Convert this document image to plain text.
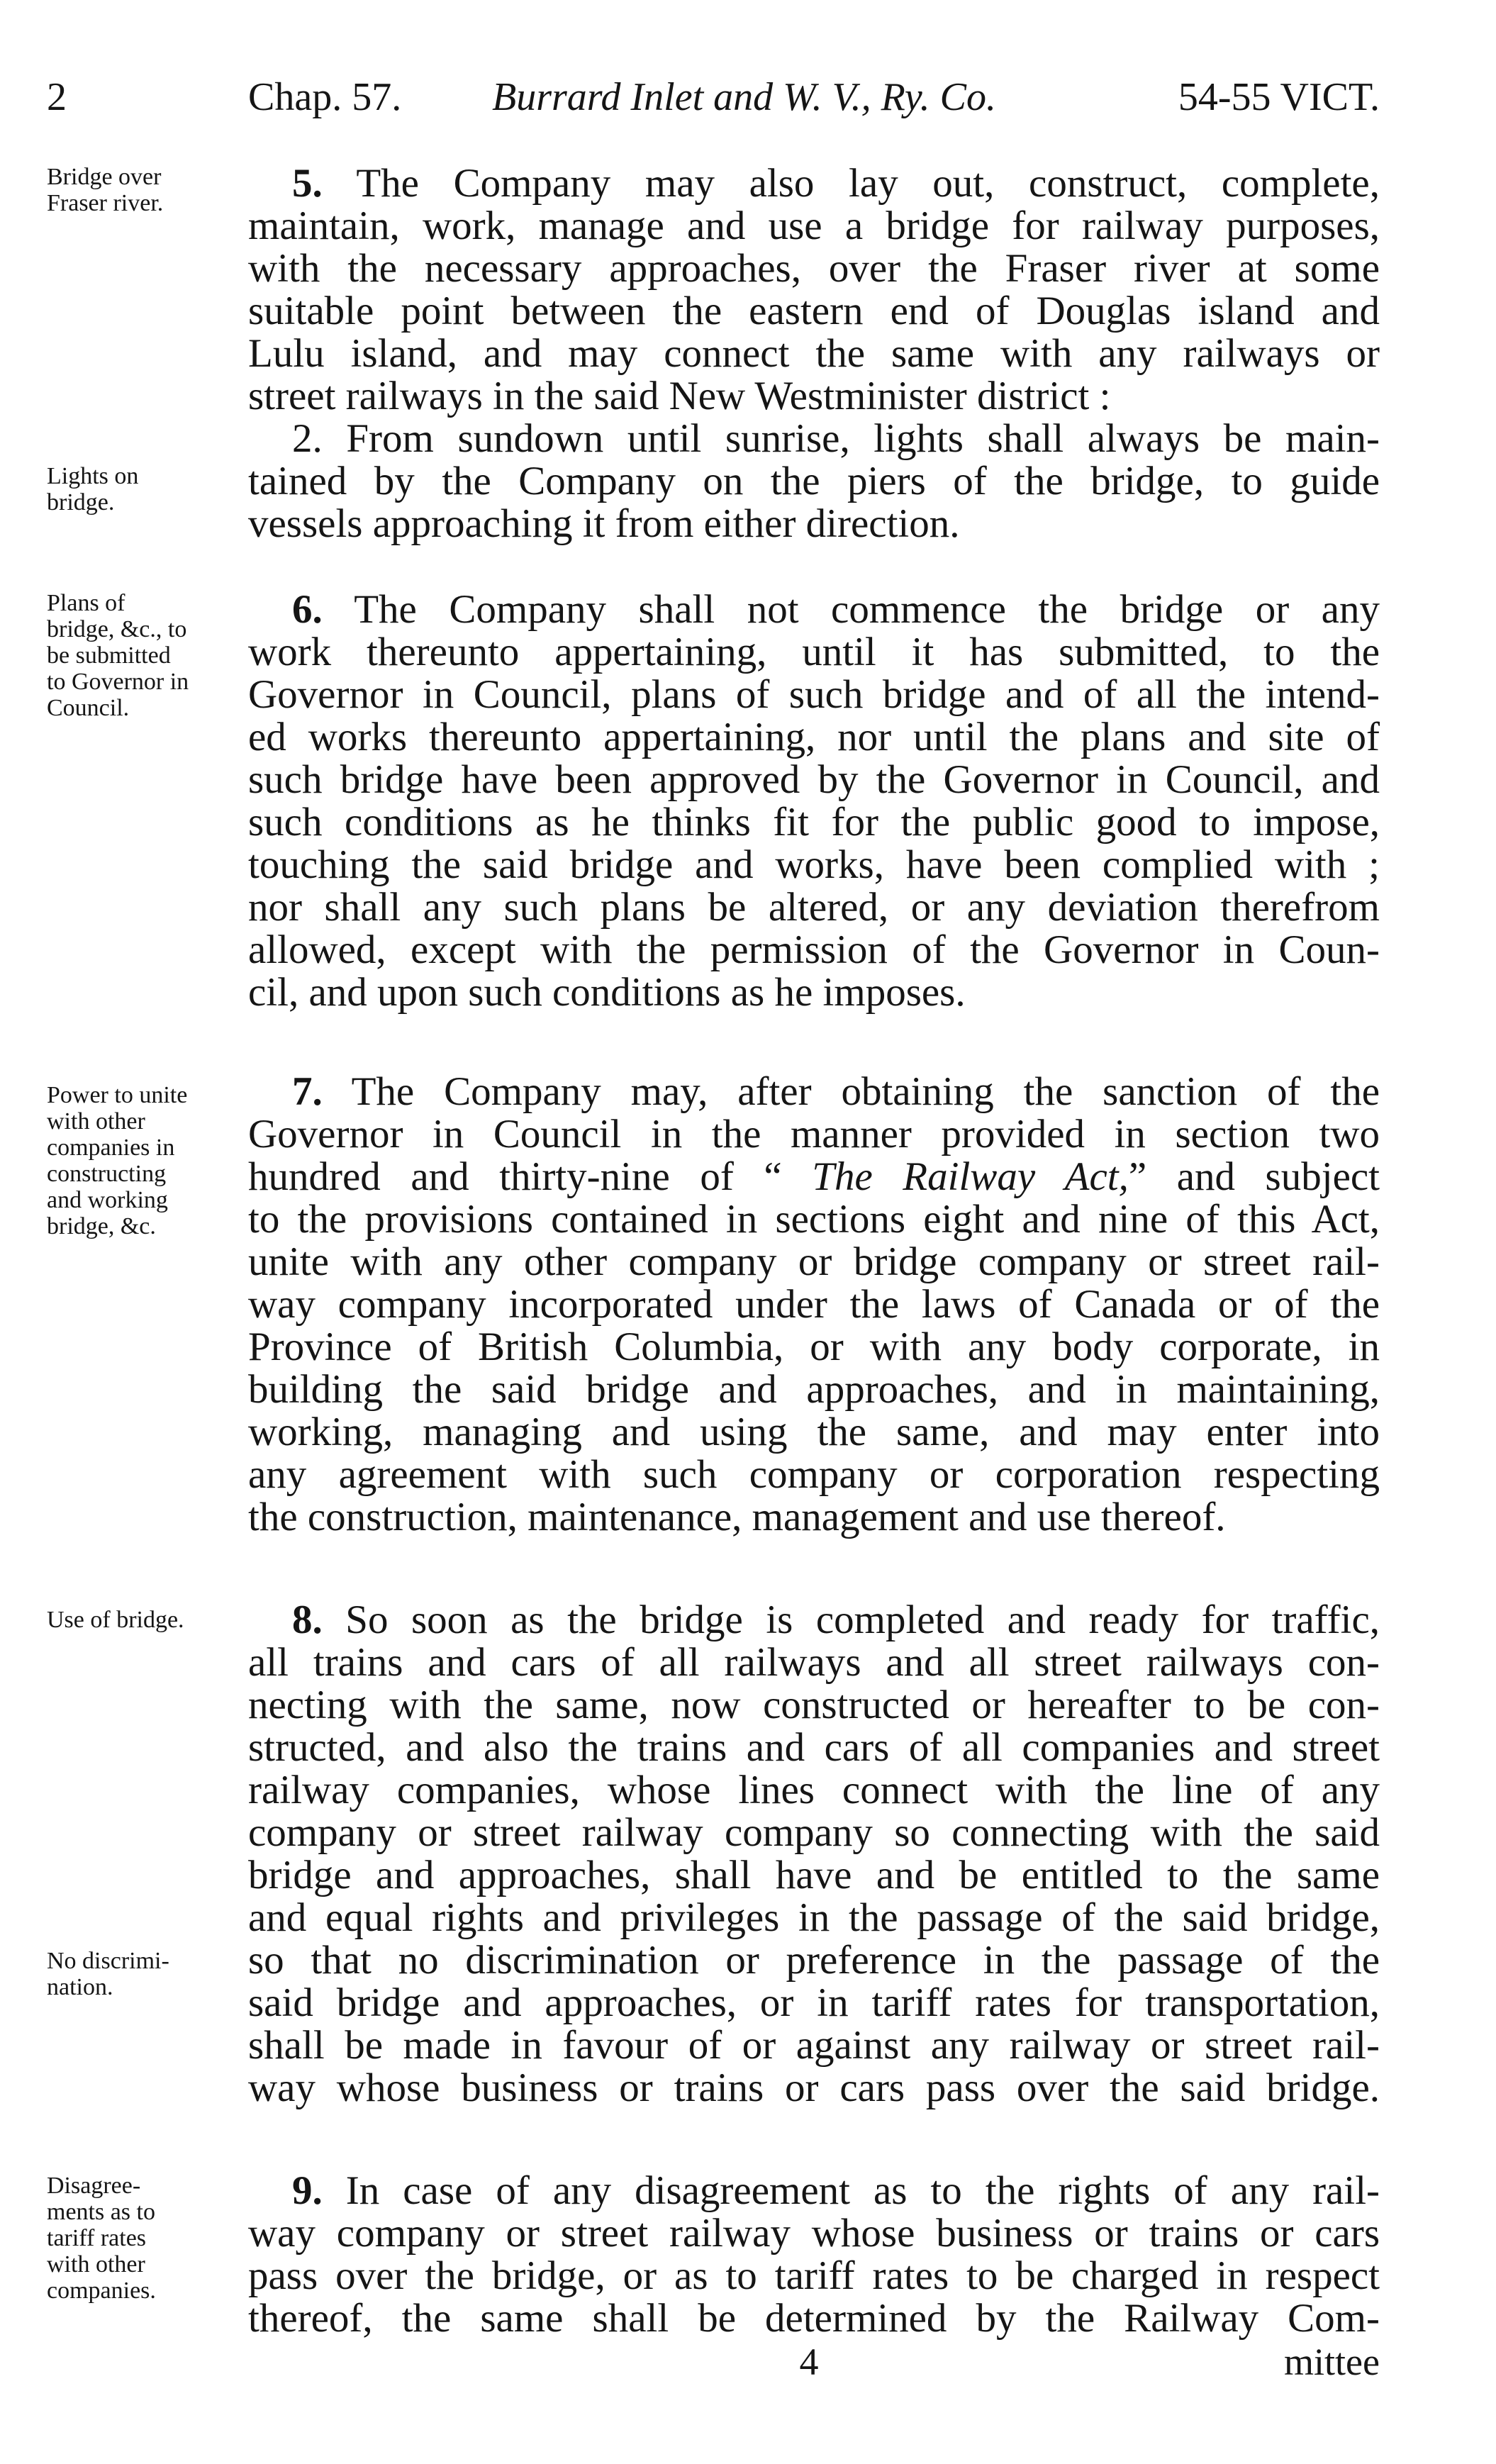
2	Chap. 57. Burrard Inlet and W. V., Ry. Co.	54-55 VICT.
Bridge over
Fraser river.
Lights on
bridge.
Plans of
bridge, &c., to
be submitted
to Governor in
Council.
Power to unite
with other
companies in
constructing
and working
bridge, &c.
Use of bridge.
No discrimi-
nation.
Disagree-
ments as to
tariff rates
with other
companies.
5. The Company may also lay out, construct, complete,
maintain, work, manage and use a bridge for railway purposes,
with the necessary approaches, over the Fraser river at some
suitable point between the eastern end of Douglas island and
Lulu island, and may connect the same with any railways or
street railways in the said New Westminister district :
2. From sundown until sunrise, lights shall always be main-
tained by the Company on the piers of the bridge, to guide
vessels approaching it from either direction.
6. The Company shall not commence the bridge or any
work thereunto appertaining, until it has submitted, to the
Governor in Council, plans of such bridge and of all the intend-
ed works thereunto appertaining, nor until the plans and site of
such bridge have been approved by the Governor in Council, and
such conditions as he thinks fit for the public good to impose,
touching the said bridge and works, have been complied with ;
nor shall any such plans be altered, or any deviation therefrom
allowed, except with the permission of the Governor in Coun-
cil, and upon such conditions as he imposes.
7. The Company may, after obtaining the sanction of the
Governor in Council in the manner provided in section two
hundred and thirty-nine of “ The Railway Act,” and subject
to the provisions contained in sections eight and nine of this Act,
unite with any other company or bridge company or street rail-
way company incorporated under the laws of Canada or of the
Province of British Columbia, or with any body corporate, in
building the said bridge and approaches, and in maintaining,
working, managing and using the same, and may enter into
any agreement with such company or corporation respecting
the construction, maintenance, management and use thereof.
8. So soon as the bridge is completed and ready for traffic,
all trains and cars of all railways and all street railways con-
necting with the same, now constructed or hereafter to be con-
structed, and also the trains and cars of all companies and street
railway companies, whose lines connect with the line of any
company or street railway company so connecting with the said
bridge and approaches, shall have and be entitled to the same
and equal rights and privileges in the passage of the said bridge,
so that no discrimination or preference in the passage of the
said bridge and approaches, or in tariff rates for transportation,
shall be made in favour of or against any railway or street rail-
way whose business or trains or cars pass over the said bridge.
9. In case of any disagreement as to the rights of any rail-
way company or street railway whose business or trains or cars
pass over the bridge, or as to tariff rates to be charged in respect
thereof, the same shall be determined by the Railway Com-
4	mittee
